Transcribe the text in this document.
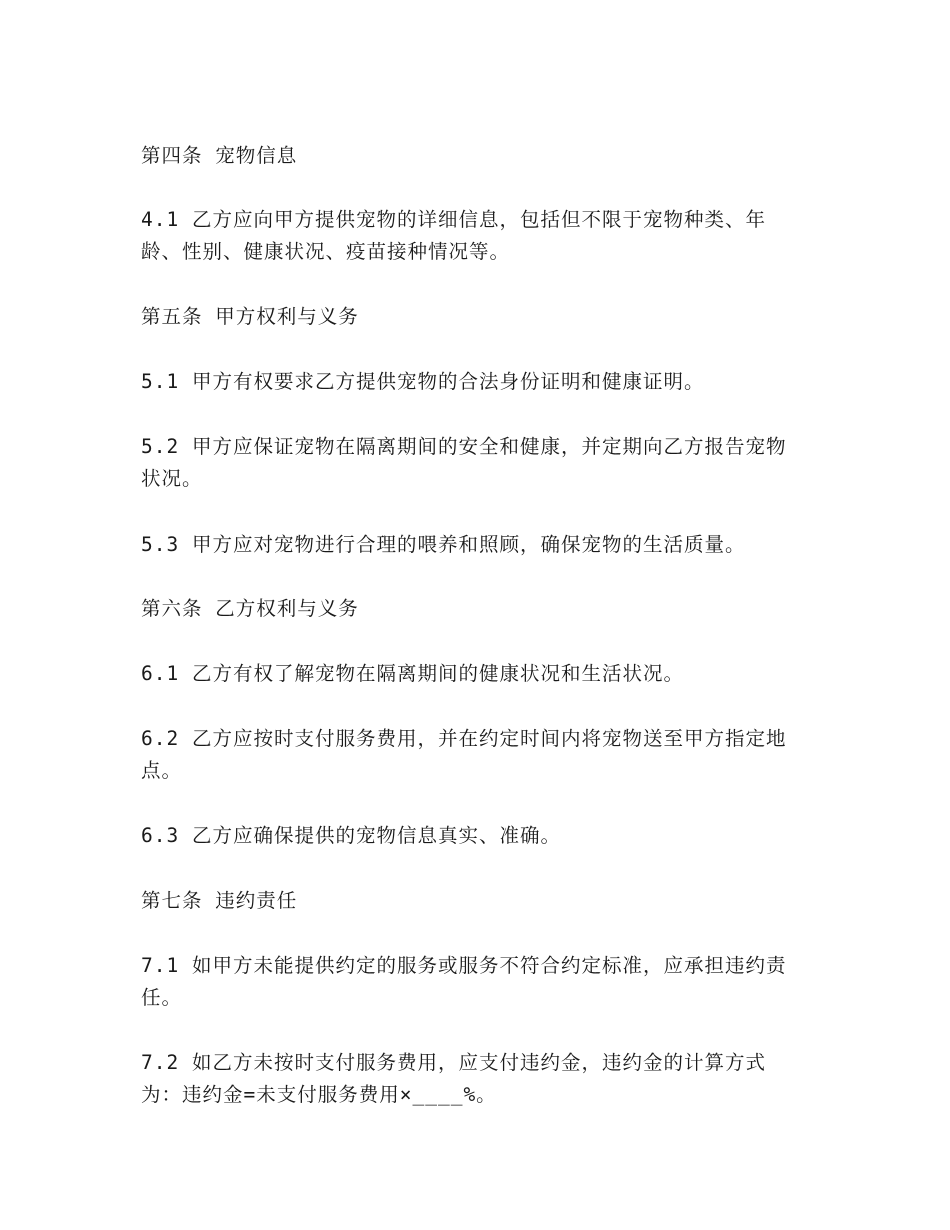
第四条 宠物信息
4.1 乙方应向甲方提供宠物的详细信息，包括但不限于宠物种类、年龄、性别、健康状况、疫苗接种情况等。
第五条 甲方权利与义务
5.1 甲方有权要求乙方提供宠物的合法身份证明和健康证明。
5.2 甲方应保证宠物在隔离期间的安全和健康，并定期向乙方报告宠物状况。
5.3 甲方应对宠物进行合理的喂养和照顾，确保宠物的生活质量。
第六条 乙方权利与义务
6.1 乙方有权了解宠物在隔离期间的健康状况和生活状况。
6.2 乙方应按时支付服务费用，并在约定时间内将宠物送至甲方指定地点。
6.3 乙方应确保提供的宠物信息真实、准确。
第七条 违约责任
7.1 如甲方未能提供约定的服务或服务不符合约定标准，应承担违约责任。
7.2 如乙方未按时支付服务费用，应支付违约金，违约金的计算方式为：违约金=未支付服务费用×____%。
